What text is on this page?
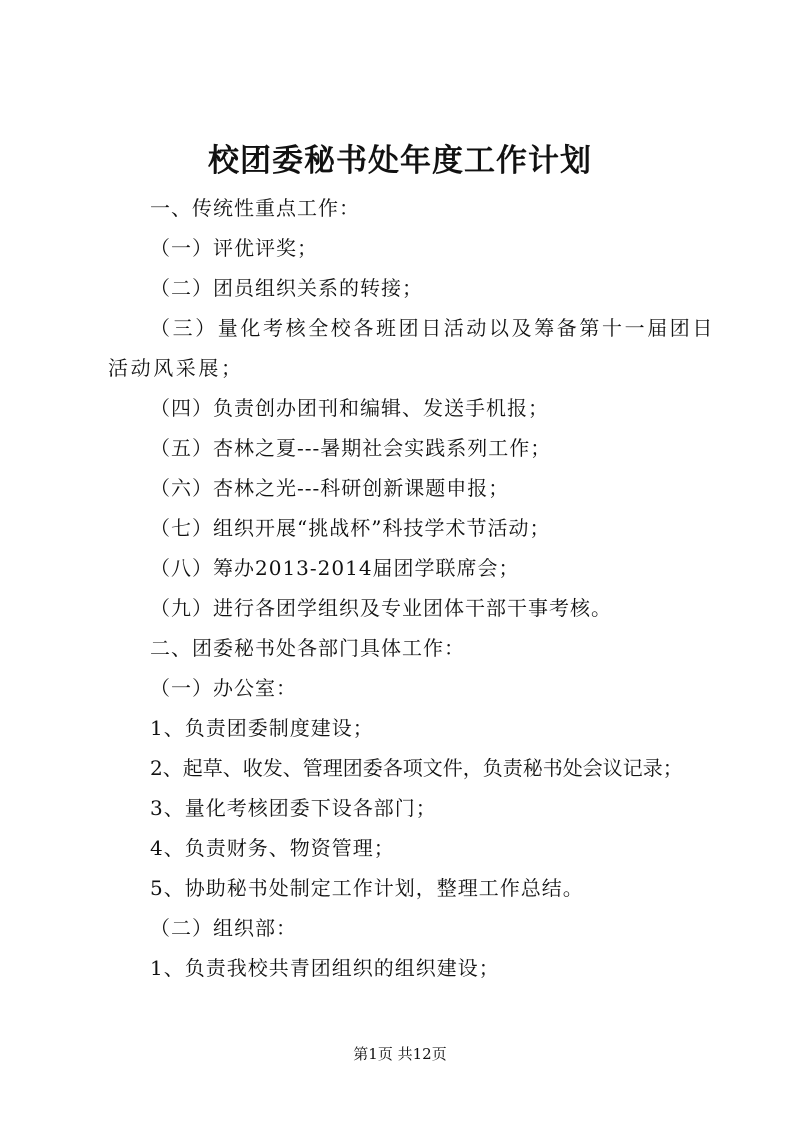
校团委秘书处年度工作计划

一、传统性重点工作：

（一）评优评奖；

（二）团员组织关系的转接；

（三）量化考核全校各班团日活动以及筹备第十一届团日活动风采展；

（四）负责创办团刊和编辑、发送手机报；

（五）杏林之夏---暑期社会实践系列工作；

（六）杏林之光---科研创新课题申报；

（七）组织开展“挑战杯”科技学术节活动；

（八）筹办2013-2014届团学联席会；

（九）进行各团学组织及专业团体干部干事考核。

二、团委秘书处各部门具体工作：

（一）办公室：

1、负责团委制度建设；

2、起草、收发、管理团委各项文件，负责秘书处会议记录；

3、量化考核团委下设各部门；

4、负责财务、物资管理；

5、协助秘书处制定工作计划，整理工作总结。

（二）组织部：

1、负责我校共青团组织的组织建设；

第1页 共12页
